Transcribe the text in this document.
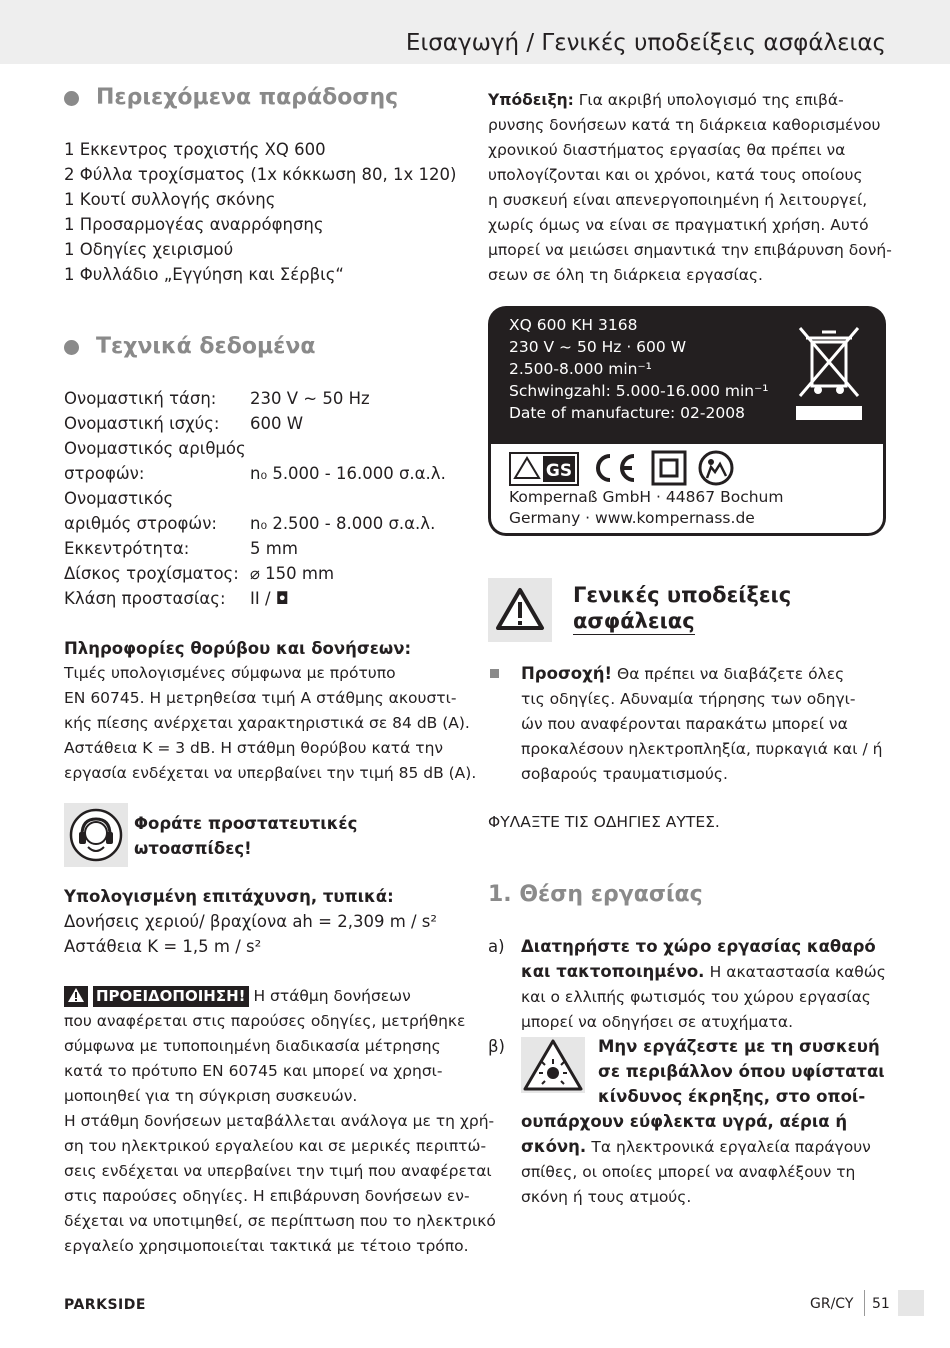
Εισαγωγή / Γενικές υποδείξεις ασφάλειας
Περιεχόμενα παράδοσης
1 Εκκεντρος τροχιστής XQ 600
2 Φύλλα τροχίσματος (1x κόκκωση 80, 1x 120)
1 Κουτί συλλογής σκόνης
1 Προσαρμογέας αναρρόφησης
1 Οδηγίες χειρισμού
1 Φυλλάδιο „Εγγύηση και Σέρβις“
Τεχνικά δεδομένα
Ονομαστική τάση: 230 V ~ 50 Hz
Ονομαστική ισχύς: 600 W
Ονομαστικός αριθμός
στροφών:	n₀ 5.000 - 16.000 σ.α.λ.
Ονομαστικός
αριθμός στροφών: n₀ 2.500 - 8.000 σ.α.λ.
Εκκεντρότητα:	5 mm
Δίσκος τροχίσματος: ⌀ 150 mm
Κλάση προστασίας: II / ◘
Πληροφορίες θορύβου και δονήσεων:
Τιμές υπολογισμένες σύμφωνα με πρότυπο
EN 60745. Η μετρηθείσα τιμή Α στάθμης ακουστι-
κής πίεσης ανέρχεται χαρακτηριστικά σε 84 dB (A).
Αστάθεια K = 3 dB. Η στάθμη θορύβου κατά την
εργασία ενδέχεται να υπερβαίνει την τιμή 85 dB (A).
Φοράτε προστατευτικές
ωτοασπίδες!
Υπολογισμένη επιτάχυνση, τυπικά:
Δονήσεις χεριού/ βραχίονα ah = 2,309 m / s²
Αστάθεια K = 1,5 m / s²
ΠΡΟΕΙΔΟΠΟΙΗΣΗ! Η στάθμη δονήσεων
που αναφέρεται στις παρούσες οδηγίες, μετρήθηκε
σύμφωνα με τυποποιημένη διαδικασία μέτρησης
κατά το πρότυπο EN 60745 και μπορεί να χρησι-
μοποιηθεί για τη σύγκριση συσκευών.
Η στάθμη δονήσεων μεταβάλλεται ανάλογα με τη χρή-
ση του ηλεκτρικού εργαλείου και σε μερικές περιπτώ-
σεις ενδέχεται να υπερβαίνει την τιμή που αναφέρεται
στις παρούσες οδηγίες. Η επιβάρυνση δονήσεων εν-
δέχεται να υποτιμηθεί, σε περίπτωση που το ηλεκτρικό
εργαλείο χρησιμοποιείται τακτικά με τέτοιο τρόπο.
Υπόδειξη: Για ακριβή υπολογισμό της επιβά-
ρυνσης δονήσεων κατά τη διάρκεια καθορισμένου
χρονικού διαστήματος εργασίας θα πρέπει να
υπολογίζονται και οι χρόνοι, κατά τους οποίους
η συσκευή είναι απενεργοποιημένη ή λειτουργεί,
χωρίς όμως να είναι σε πραγματική χρήση. Αυτό
μπορεί να μειώσει σημαντικά την επιβάρυνση δονή-
σεων σε όλη τη διάρκεια εργασίας.
XQ 600 KH 3168
230 V ~ 50 Hz · 600 W
2.500-8.000 min⁻¹
Schwingzahl: 5.000-16.000 min⁻¹
Date of manufacture: 02-2008
GS
Kompernaß GmbH · 44867 Bochum
Germany · www.kompernass.de
Γενικές υποδείξεις
ασφάλειας
Προσοχή! Θα πρέπει να διαβάζετε όλες
τις οδηγίες. Αδυναμία τήρησης των οδηγι-
ών που αναφέρονται παρακάτω μπορεί να
προκαλέσουν ηλεκτροπληξία, πυρκαγιά και / ή
σοβαρούς τραυματισμούς.
ΦΥΛΑΞΤΕ ΤΙΣ ΟΔΗΓΙΕΣ ΑΥΤΕΣ.
1. Θέση εργασίας
a) Διατηρήστε το χώρο εργασίας καθαρό
και τακτοποιημένο. Η ακαταστασία καθώς
και ο ελλιπής φωτισμός του χώρου εργασίας
μπορεί να οδηγήσει σε ατυχήματα.
β)	Μην εργάζεστε με τη συσκευή
σε περιβάλλον όπου υφίσταται
κίνδυνος έκρηξης, στο οποί-
ουπάρχουν εύφλεκτα υγρά, αέρια ή
σκόνη. Τα ηλεκτρονικά εργαλεία παράγουν
σπίθες, οι οποίες μπορεί να αναφλέξουν τη
σκόνη ή τους ατμούς.
PARKSIDE	GR/CY 51
